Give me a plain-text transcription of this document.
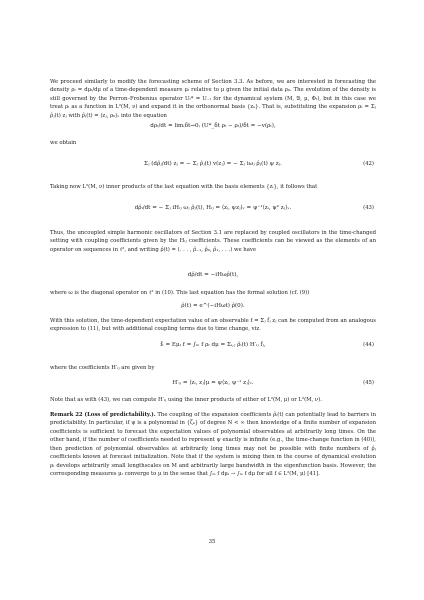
We proceed similarly to modify the forecasting scheme of Section 3.3. As before, we are interested in forecasting the density ρₜ = dμₜ/dμ of a time-dependent measure μₜ relative to μ given the initial data ρ₀. The evolution of the density is still governed by the Perron–Frobenius operator Uₜ* = U₋ₜ for the dynamical system (M, 𝔅, μ, Φₜ), but in this case we treat ρₜ as a function in L²(M, ν) and expand it in the orthonormal basis {zₖ}. That is, substituting the expansion ρₜ = Σⱼ ρ̂ⱼ(t) zⱼ with ρ̂ⱼ(t) = ⟨zⱼ, ρ₀⟩ᵥ into the equation

dρₜ/dt = lim₍δt→0₎ (U*_δt ρₜ − ρₜ)/δt = −v(ρₜ),

we obtain

Σⱼ (dρ̂ⱼ/dt) zⱼ = − Σⱼ ρ̂ⱼ(t) v(zⱼ) = − Σⱼ iωⱼ ρ̂ⱼ(t) ψ zⱼ.	(42)

Taking now L²(M, ν) inner products of the last equation with the basis elements {zᵢ}, it follows that

dρ̂ᵢ/dt = − Σⱼ iHᵢⱼ ωⱼ ρ̂ⱼ(t), Hᵢⱼ = ⟨zᵢ, ψzⱼ⟩ᵥ = ψ⁻¹⟨zᵢ, ψ² zⱼ⟩ᵥ.	(43)

Thus, the uncoupled simple harmonic oscillators of Section 3.1 are replaced by coupled oscillators in the time-changed setting with coupling coefficients given by the Hᵢⱼ coefficients. These coefficients can be viewed as the elements of an operator on sequences in ℓ², and writing ρ̂(t) = (. . . , ρ̂₋₁, ρ̂₀, ρ̂₁, . . .) we have

dρ̂/dt = −iHωρ̂(t),

where ω is the diagonal operator on ℓ² in (10). This last equation has the formal solution (cf. (9))

ρ̂(t) = e^(−iHωt) ρ̂(0).

With this solution, the time-dependent expectation value of an observable f = Σⱼ f̂ⱼ zⱼ can be computed from an analogous expression to (11), but with additional coupling terms due to time change, viz.

f̄ₜ = Eμₜ f = ∫ₘ f ρₜ dμ = Σᵢ,ⱼ ρ̂ᵢ(t) H′ᵢⱼ f̂ⱼ,	(44)

where the coefficients H′ᵢⱼ are given by

H′ᵢⱼ = ⟨zᵢ, zⱼ⟩μ = ψ⟨zᵢ, ψ⁻¹ zⱼ⟩ᵥ.	(45)

Note that as with (43), we can compute H′ᵢⱼ using the inner products of either of L²(M, μ) or L²(M, ν).

Remark 22 (Loss of predictability.). The coupling of the expansion coefficients ρ̂ᵢ(t) can potentially lead to barriers in predictability. In particular, if ψ is a polynomial in {ζₖ} of degree N < ∞ then knowledge of a finite number of expansion coefficients is sufficient to forecast the expectation values of polynomial observables at arbitrarily long times. On the other hand, if the number of coefficients needed to represent ψ exactly is infinite (e.g., the time-change function in (40)), then prediction of polynomial observables at arbitrarily long times may not be possible with finite numbers of ρ̂ⱼ coefficients known at forecast initialization. Note that if the system is mixing then in the course of dynamical evolution ρₜ develops arbitrarily small lengthscales on M and arbitrarily large bandwidth in the eigenfunction basis. However, the corresponding measures μₜ converge to μ in the sense that ∫ₘ f dμₜ → ∫ₘ f dμ for all f ∈ L²(M, μ) [41].

35
